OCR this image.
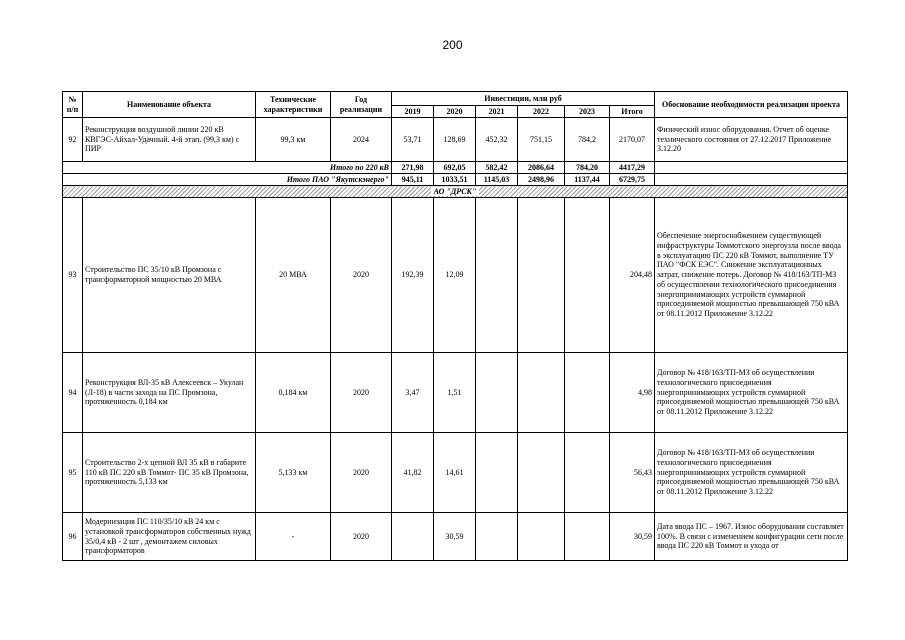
200
№ п/п	Наименование объекта	Технические характеристики	Год реализации	Инвестиции, млн руб						Обоснование необходимости реализации проекта
				2019	2020	2021	2022	2023	Итого	
92	Реконструкция воздушной линии 220 кВ КВГЭС-Айхал-Удачный. 4-й этап. (99,3 км) с ПИР	99,3 км	2024	53,71	128,69	452,32	751,15	784,2	2170,07	Физический износ оборудования. Отчет об оценке технического состояния от 27.12.2017 Приложение 3.12.20
Итого по 220 кВ				271,98	692,05	582,42	2086,64	784,20	4417,29	
Итого ПАО "Якутскэнерго"				945,11	1033,51	1145,03	2498,96	1137,44	6729,75	
АО "ДРСК"										
93	Строительство ПС 35/10 кВ Промзона с трансформаторной мощностью 20 МВА	20 МВА	2020	192,39	12,09				204,48	Обеспечение энергоснабжением существующей инфраструктуры Томмотского энергоузла после ввода в эксплуатацию ПС 220 кВ Томмот, выполнение ТУ ПАО "ФСК ЕЭС". Снижение эксплуатационных затрат, снижение потерь. Договор № 418/163/ТП-МЗ об осуществлении технологического присоединения энергопринимающих устройств суммарной присоединяемой мощностью превышающей 750 кВА от 08.11.2012 Приложение 3.12.22
94	Реконструкция ВЛ-35 кВ Алексеевск – Укулан (Л-18) в части захода на ПС Промзона, протяженность 0,184 км	0,184 км	2020	3,47	1,51				4,98	Договор № 418/163/ТП-МЗ об осуществлении технологического присоединения энергопринимающих устройств суммарной присоединяемой мощностью превышающей 750 кВА от 08.11.2012 Приложение 3.12.22
95	Строительство 2-х цепной ВЛ 35 кВ в габарите 110 кВ ПС 220 кВ Томмот- ПС 35 кВ Промзона, протяженность 5,133 км	5,133 км	2020	41,82	14,61				56,43	Договор № 418/163/ТП-МЗ об осуществлении технологического присоединения энергопринимающих устройств суммарной присоединяемой мощностью превышающей 750 кВА от 08.11.2012 Приложение 3.12.22
96	Модернизация ПС 110/35/10 кВ 24 км с установкой трансформаторов собственных нужд 35/0,4 кВ - 2 шт , демонтажем силовых трансформаторов	-	2020		30,59				30,59	Дата ввода ПС – 1967. Износ оборудования составляет 100%. В связи с изменением конфигурации сети после ввода ПС 220 кВ Томмот и ухода от
